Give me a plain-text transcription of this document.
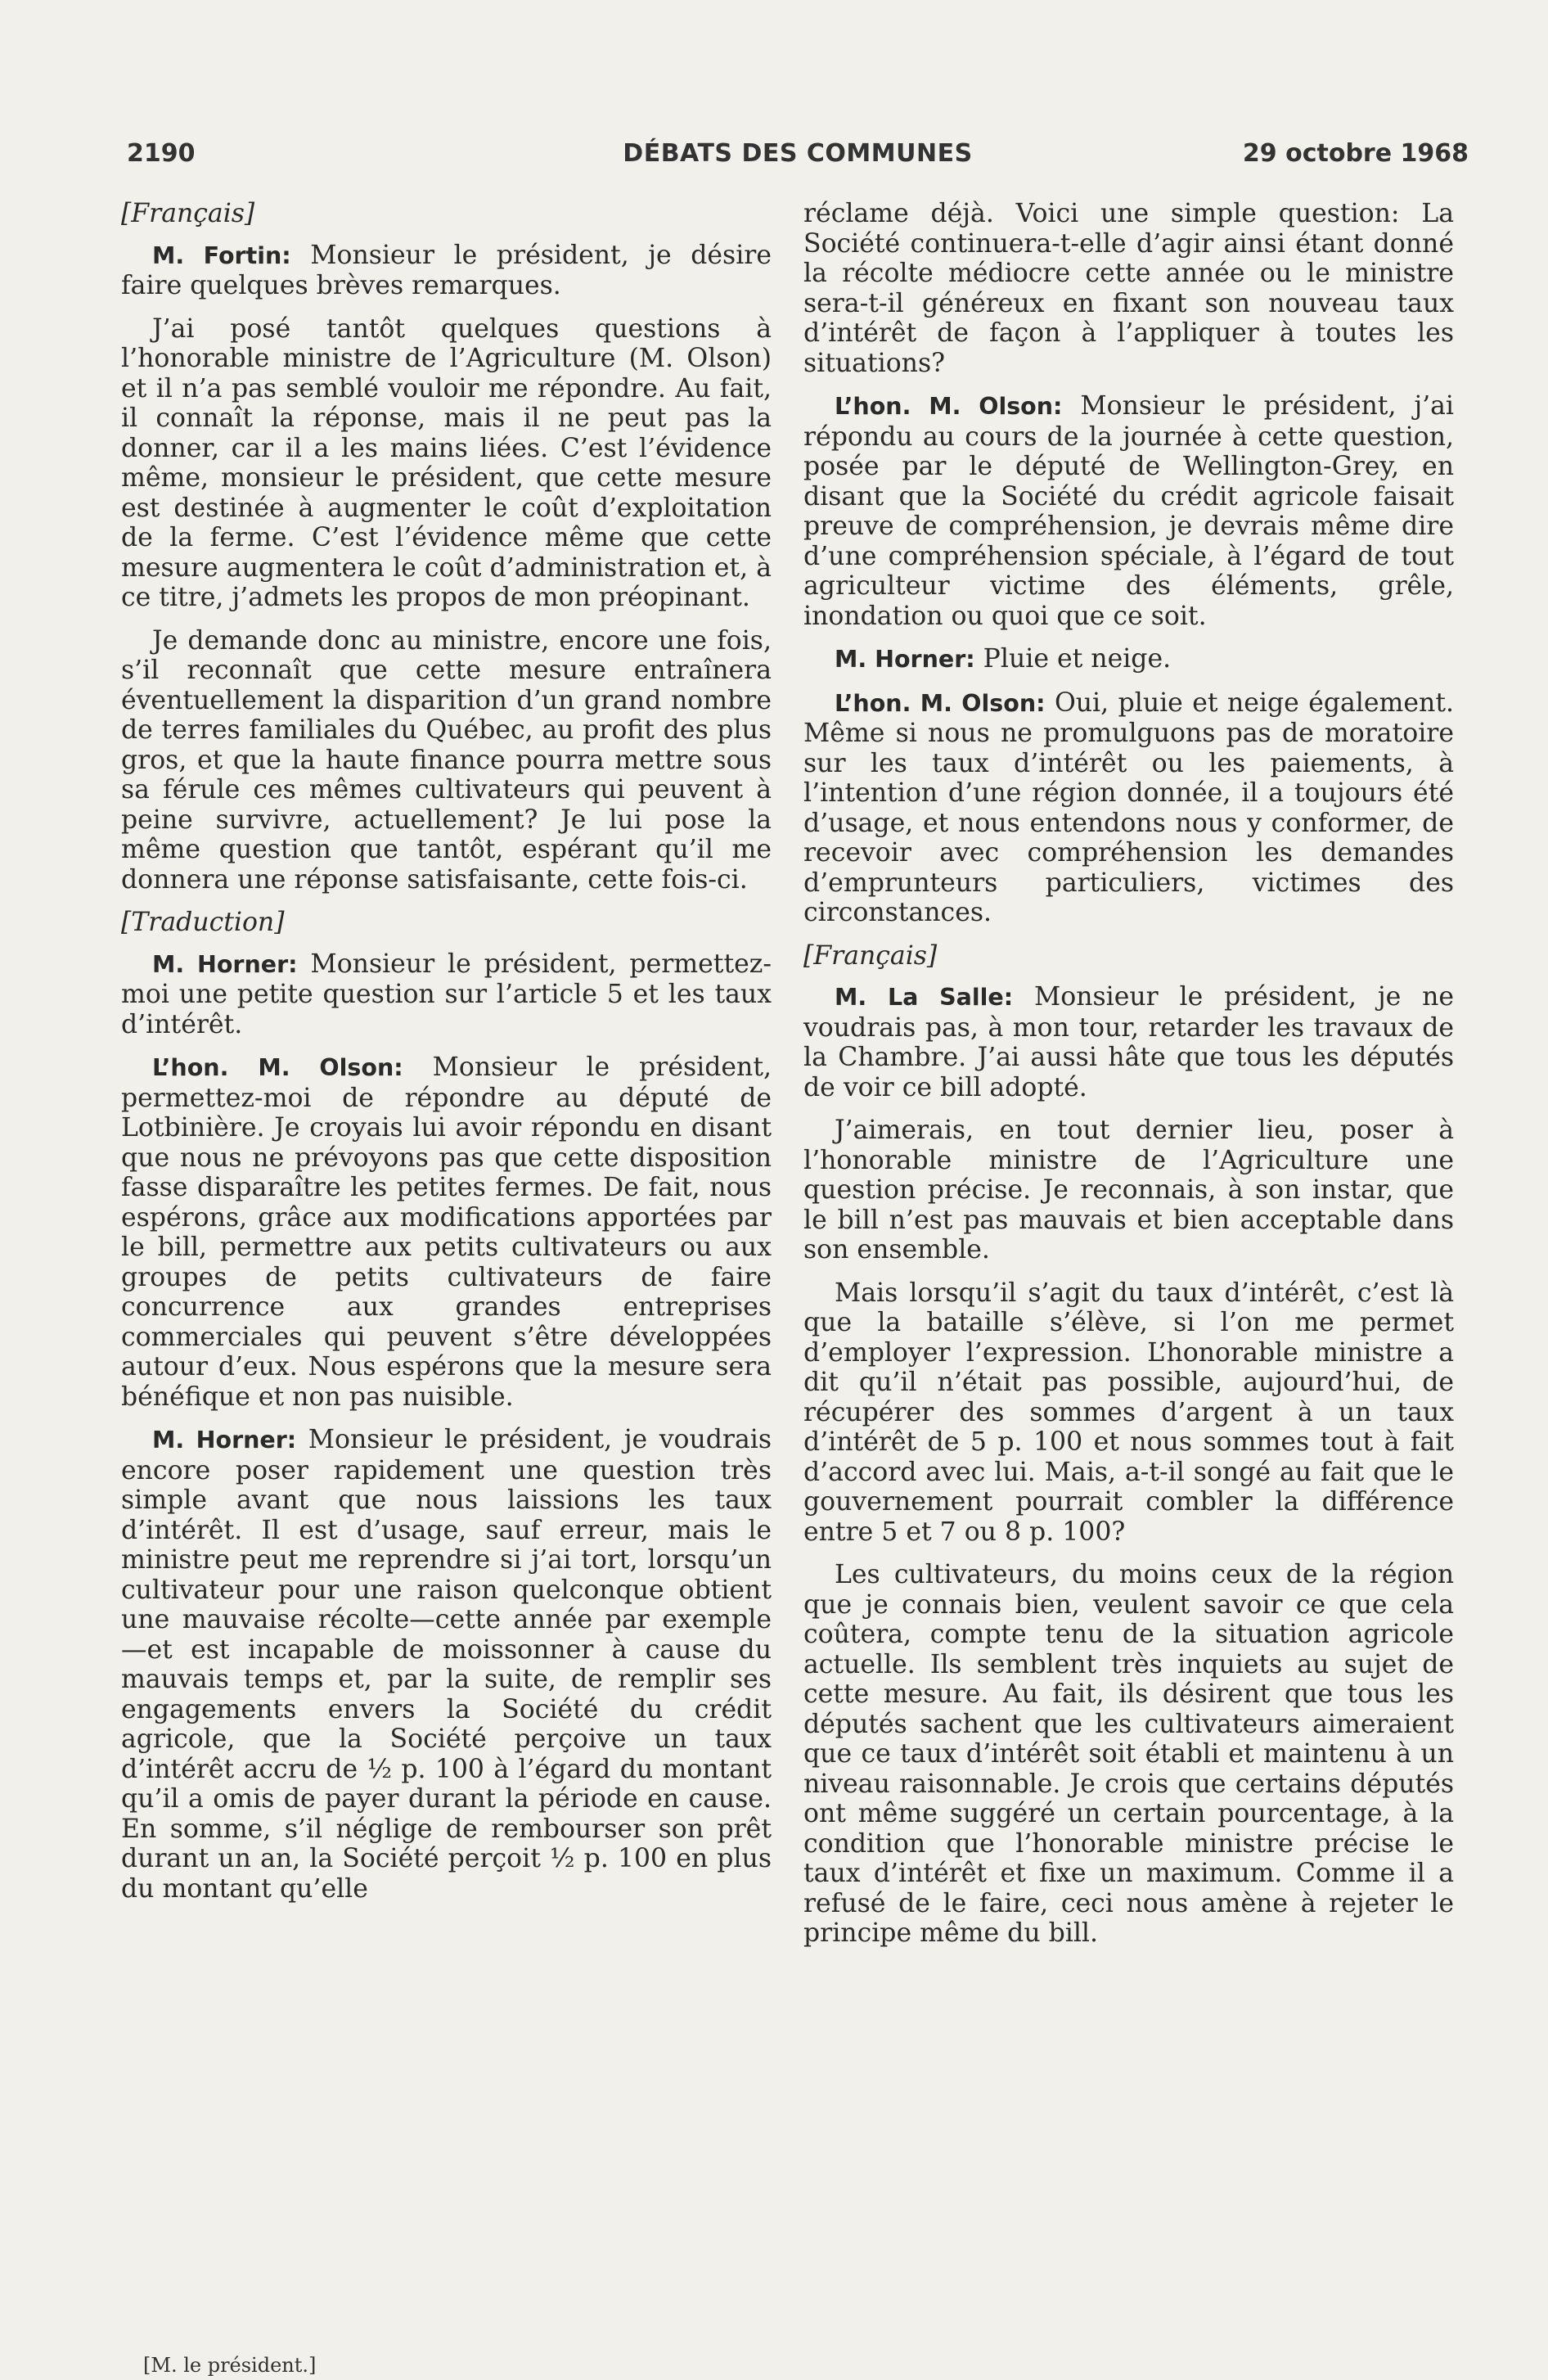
2190	DÉBATS DES COMMUNES	29 octobre 1968

[Français]

M. Fortin: Monsieur le président, je désire faire quelques brèves remarques.

J’ai posé tantôt quelques questions à l’honorable ministre de l’Agriculture (M. Olson) et il n’a pas semblé vouloir me répondre. Au fait, il connaît la réponse, mais il ne peut pas la donner, car il a les mains liées. C’est l’évidence même, monsieur le président, que cette mesure est destinée à augmenter le coût d’exploitation de la ferme. C’est l’évidence même que cette mesure augmentera le coût d’administration et, à ce titre, j’admets les propos de mon préopinant.

Je demande donc au ministre, encore une fois, s’il reconnaît que cette mesure entraînera éventuellement la disparition d’un grand nombre de terres familiales du Québec, au profit des plus gros, et que la haute finance pourra mettre sous sa férule ces mêmes cultivateurs qui peuvent à peine survivre, actuellement? Je lui pose la même question que tantôt, espérant qu’il me donnera une réponse satisfaisante, cette fois-ci.

[Traduction]

M. Horner: Monsieur le président, permettez-moi une petite question sur l’article 5 et les taux d’intérêt.

L’hon. M. Olson: Monsieur le président, permettez-moi de répondre au député de Lotbinière. Je croyais lui avoir répondu en disant que nous ne prévoyons pas que cette disposition fasse disparaître les petites fermes. De fait, nous espérons, grâce aux modifications apportées par le bill, permettre aux petits cultivateurs ou aux groupes de petits cultivateurs de faire concurrence aux grandes entreprises commerciales qui peuvent s’être développées autour d’eux. Nous espérons que la mesure sera bénéfique et non pas nuisible.

M. Horner: Monsieur le président, je voudrais encore poser rapidement une question très simple avant que nous laissions les taux d’intérêt. Il est d’usage, sauf erreur, mais le ministre peut me reprendre si j’ai tort, lorsqu’un cultivateur pour une raison quelconque obtient une mauvaise récolte—cette année par exemple—et est incapable de moissonner à cause du mauvais temps et, par la suite, de remplir ses engagements envers la Société du crédit agricole, que la Société perçoive un taux d’intérêt accru de ½ p. 100 à l’égard du montant qu’il a omis de payer durant la période en cause. En somme, s’il néglige de rembourser son prêt durant un an, la Société perçoit ½ p. 100 en plus du montant qu’elle

réclame déjà. Voici une simple question: La Société continuera-t-elle d’agir ainsi étant donné la récolte médiocre cette année ou le ministre sera-t-il généreux en fixant son nouveau taux d’intérêt de façon à l’appliquer à toutes les situations?

L’hon. M. Olson: Monsieur le président, j’ai répondu au cours de la journée à cette question, posée par le député de Wellington-Grey, en disant que la Société du crédit agricole faisait preuve de compréhension, je devrais même dire d’une compréhension spéciale, à l’égard de tout agriculteur victime des éléments, grêle, inondation ou quoi que ce soit.

M. Horner: Pluie et neige.

L’hon. M. Olson: Oui, pluie et neige également. Même si nous ne promulguons pas de moratoire sur les taux d’intérêt ou les paiements, à l’intention d’une région donnée, il a toujours été d’usage, et nous entendons nous y conformer, de recevoir avec compréhension les demandes d’emprunteurs particuliers, victimes des circonstances.

[Français]

M. La Salle: Monsieur le président, je ne voudrais pas, à mon tour, retarder les travaux de la Chambre. J’ai aussi hâte que tous les députés de voir ce bill adopté.

J’aimerais, en tout dernier lieu, poser à l’honorable ministre de l’Agriculture une question précise. Je reconnais, à son instar, que le bill n’est pas mauvais et bien acceptable dans son ensemble.

Mais lorsqu’il s’agit du taux d’intérêt, c’est là que la bataille s’élève, si l’on me permet d’employer l’expression. L’honorable ministre a dit qu’il n’était pas possible, aujourd’hui, de récupérer des sommes d’argent à un taux d’intérêt de 5 p. 100 et nous sommes tout à fait d’accord avec lui. Mais, a-t-il songé au fait que le gouvernement pourrait combler la différence entre 5 et 7 ou 8 p. 100?

Les cultivateurs, du moins ceux de la région que je connais bien, veulent savoir ce que cela coûtera, compte tenu de la situation agricole actuelle. Ils semblent très inquiets au sujet de cette mesure. Au fait, ils désirent que tous les députés sachent que les cultivateurs aimeraient que ce taux d’intérêt soit établi et maintenu à un niveau raisonnable. Je crois que certains députés ont même suggéré un certain pourcentage, à la condition que l’honorable ministre précise le taux d’intérêt et fixe un maximum. Comme il a refusé de le faire, ceci nous amène à rejeter le principe même du bill.

[M. le président.]
